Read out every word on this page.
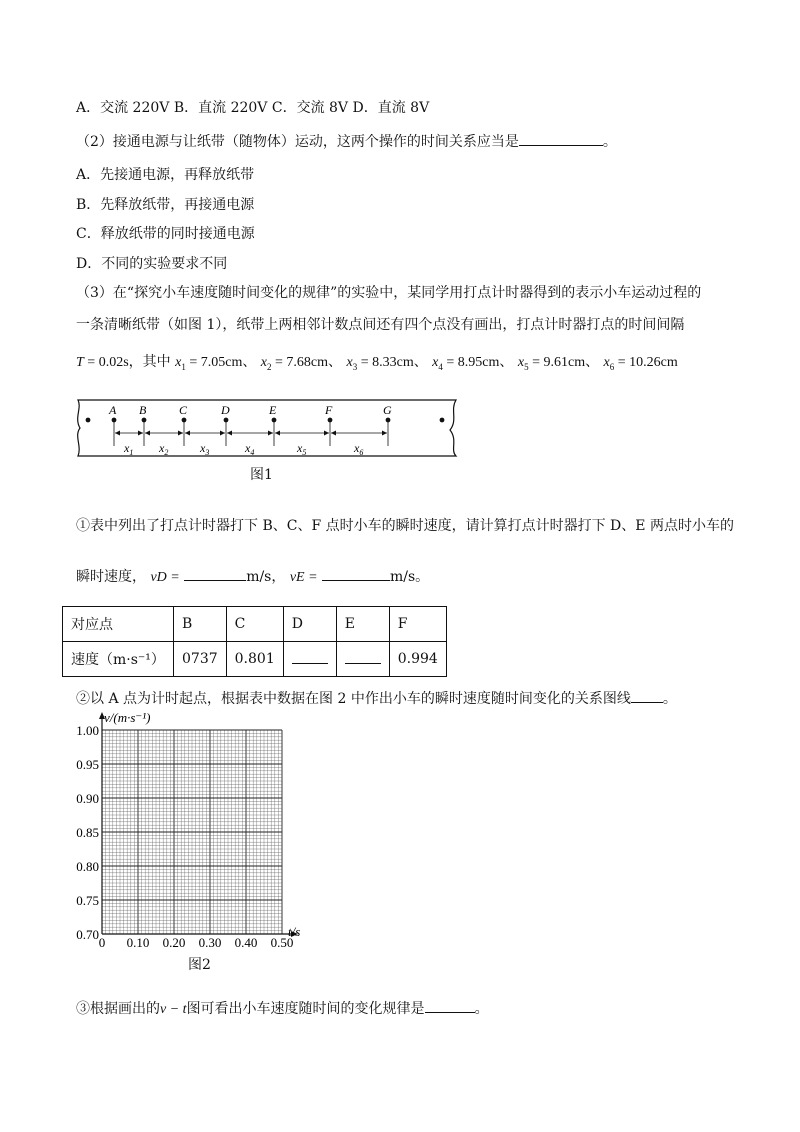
A．交流 220V B．直流 220V C．交流 8V D．直流 8V
（2）接通电源与让纸带（随物体）运动，这两个操作的时间关系应当是	。
A．先接通电源，再释放纸带
B．先释放纸带，再接通电源
C．释放纸带的同时接通电源
D．不同的实验要求不同
（3）在“探究小车速度随时间变化的规律”的实验中，某同学用打点计时器得到的表示小车运动过程的
一条清晰纸带（如图 1），纸带上两相邻计数点间还有四个点没有画出，打点计时器打点的时间间隔
T = 0.02s，其中 $x_1 = 7.05cm$、 $x_2 = 7.68cm$、 $x_3 = 8.33cm$、 $x_4 = 8.95cm$、 $x_5 = 9.61cm$、 $x_6 = 10.26cm$
A B	C	D	E	F	G
$x_1$ $x_2$	$x_3$	$x_4$	$x_5$	$x_6$
图1
①表中列出了打点计时器打下 B、C、F 点时小车的瞬时速度，请计算打点计时器打下 D、E 两点时小车的
瞬时速度， vD =	m/s， vE =	m/s。
对应点	B	C	D	E	F
速度（m·s⁻¹）	0737	0.801			0.994
②以 A 点为计时起点，根据表中数据在图 2 中作出小车的瞬时速度随时间变化的关系图线 。
1.00
0.95
0.90
0.85
0.80
0.75
0.70
0 0.10 0.20 0.30 0.40 0.50
v/(m·s⁻¹)
t/s
图2
③根据画出的v − t图可看出小车速度随时间的变化规律是	。
